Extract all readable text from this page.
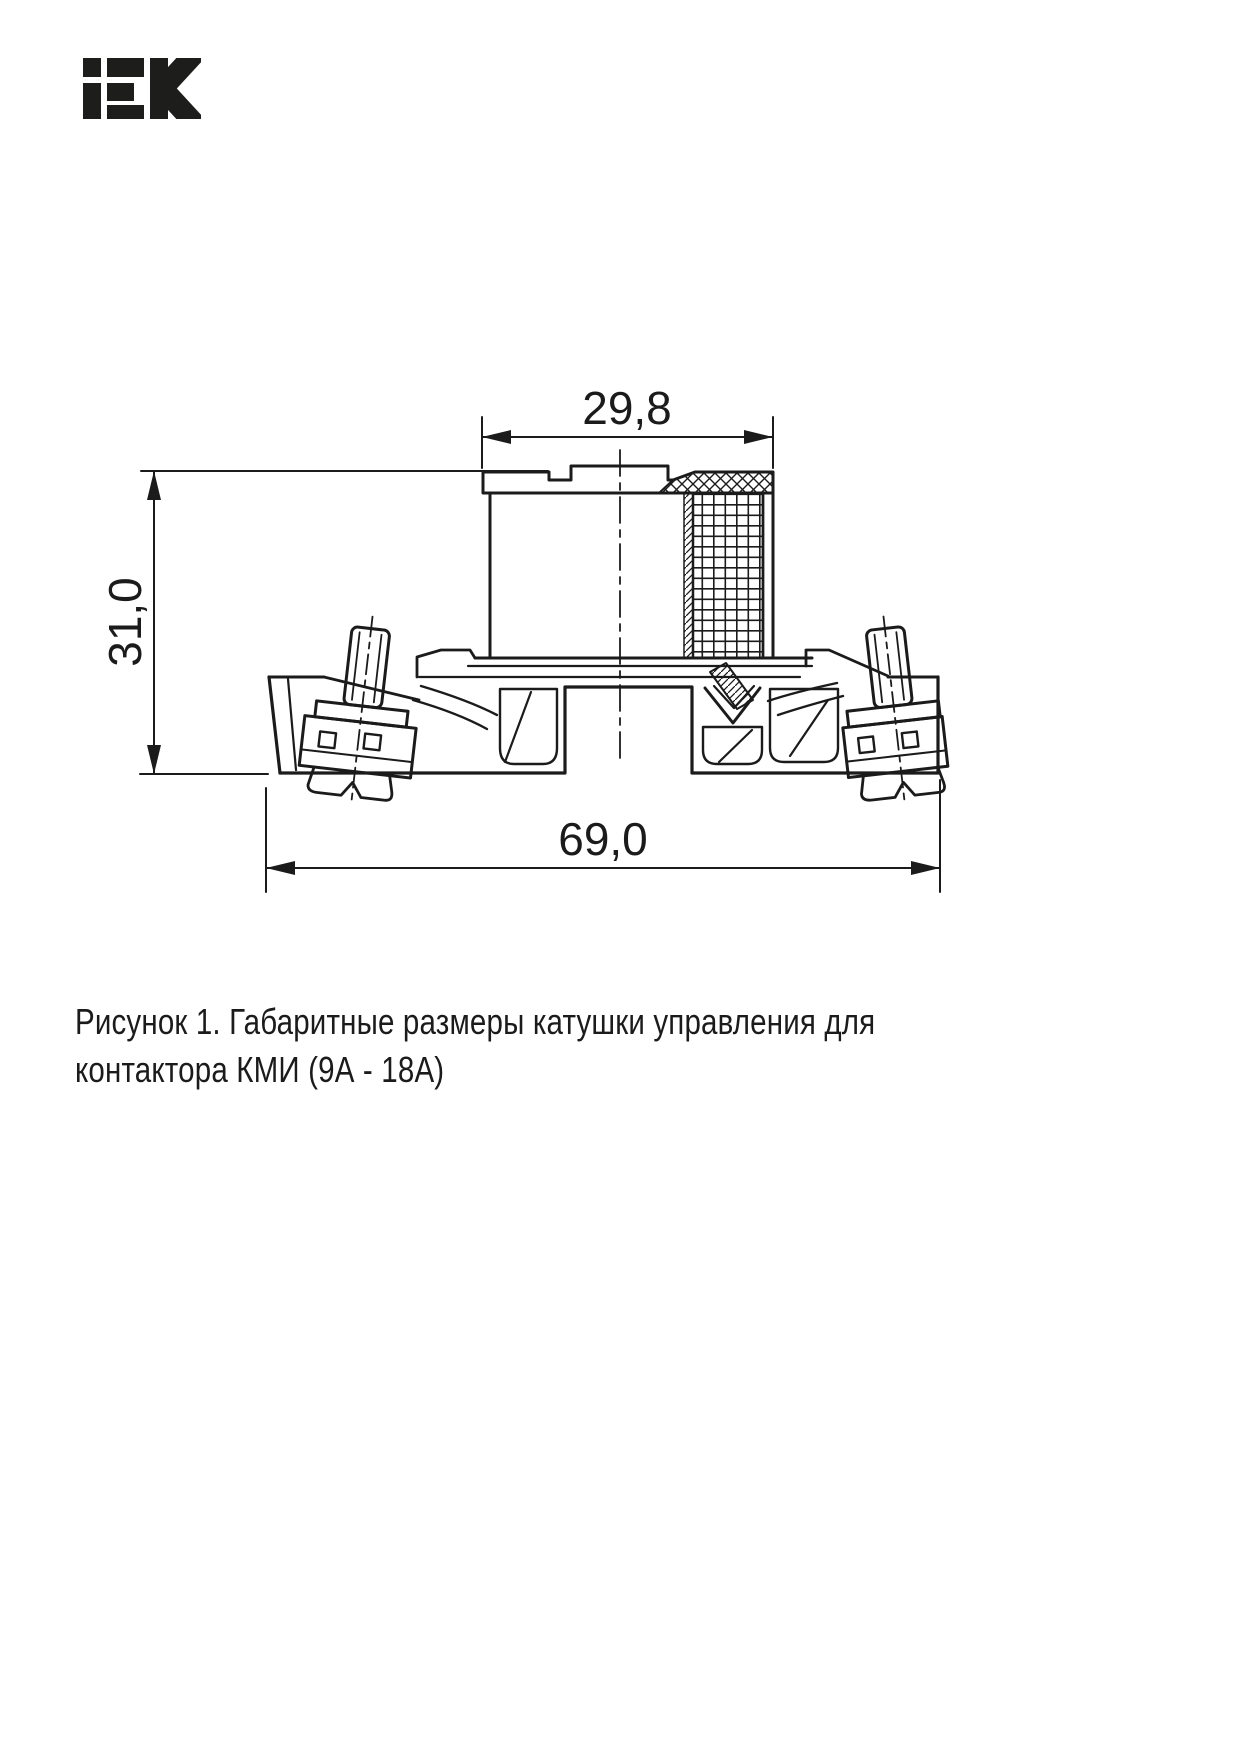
29,8
31,0
69,0
Рисунок 1. Габаритные размеры катушки управления для
контактора КМИ (9А - 18А)
